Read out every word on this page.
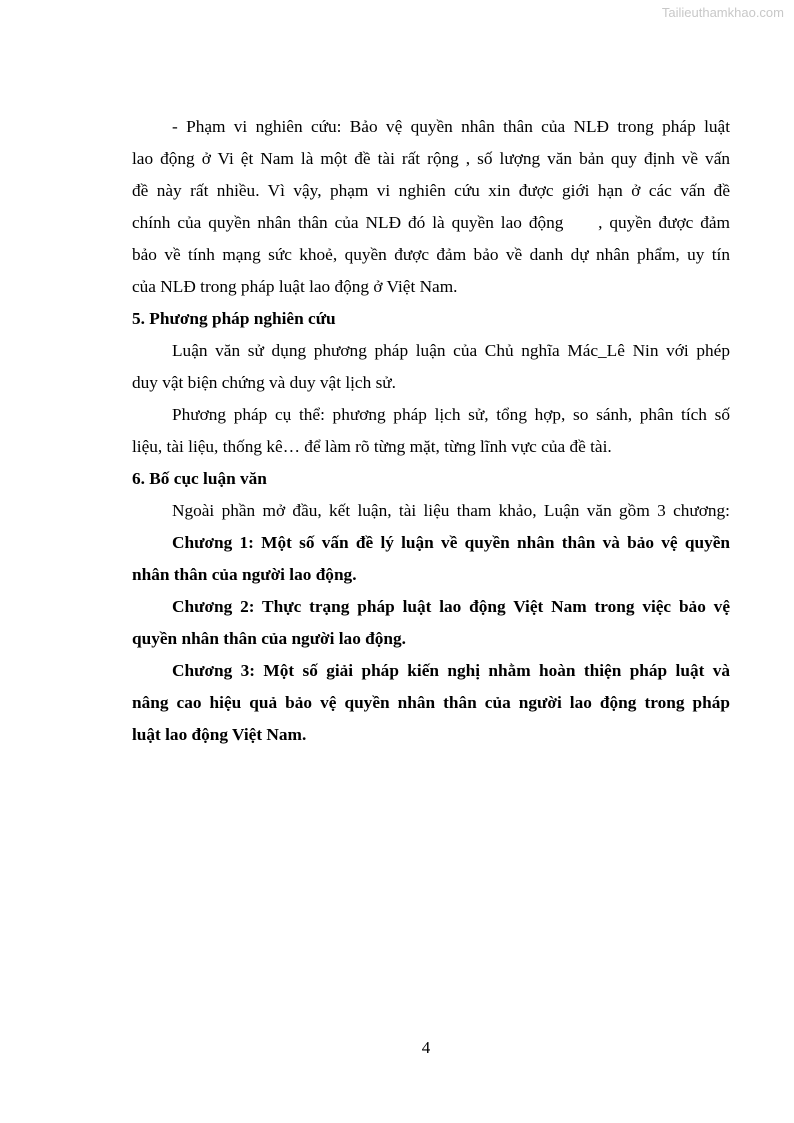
Tailieuthamkhao.com
- Phạm vi nghiên cứu: Bảo vệ quyền nhân thân của NLĐ trong pháp luật
lao động ở Vi ệt Nam là một đề tài rất rộng , số lượng văn bản quy định về vấn
đề này rất nhiều. Vì vậy, phạm vi nghiên cứu xin được giới hạn ở các vấn đề
chính của quyền nhân thân của NLĐ đó là quyền lao động     , quyền được đảm
bảo về tính mạng sức khoẻ, quyền được đảm bảo về danh dự nhân phẩm, uy tín
của NLĐ trong pháp luật lao động ở Việt Nam.
5. Phương pháp nghiên cứu
Luận văn sử dụng phương pháp luận của Chủ nghĩa Mác_Lê Nin với phép
duy vật biện chứng và duy vật lịch sử.
Phương pháp cụ thể: phương pháp lịch sử, tổng hợp, so sánh, phân tích số
liệu, tài liệu, thống kê… để làm rõ từng mặt, từng lĩnh vực của đề tài.
6. Bố cục luận văn
Ngoài phần mở đầu, kết luận, tài liệu tham khảo, Luận văn gồm 3 chương:
Chương 1: Một số vấn đề lý luận về quyền nhân thân và bảo vệ quyền
nhân thân của người lao động.
Chương 2: Thực trạng pháp luật lao động Việt Nam trong việc bảo vệ
quyền nhân thân của người lao động.
Chương 3: Một số giải pháp kiến nghị nhằm hoàn thiện pháp luật và
nâng cao hiệu quả bảo vệ quyền nhân thân của người lao động trong pháp
luật lao động Việt Nam.
4
